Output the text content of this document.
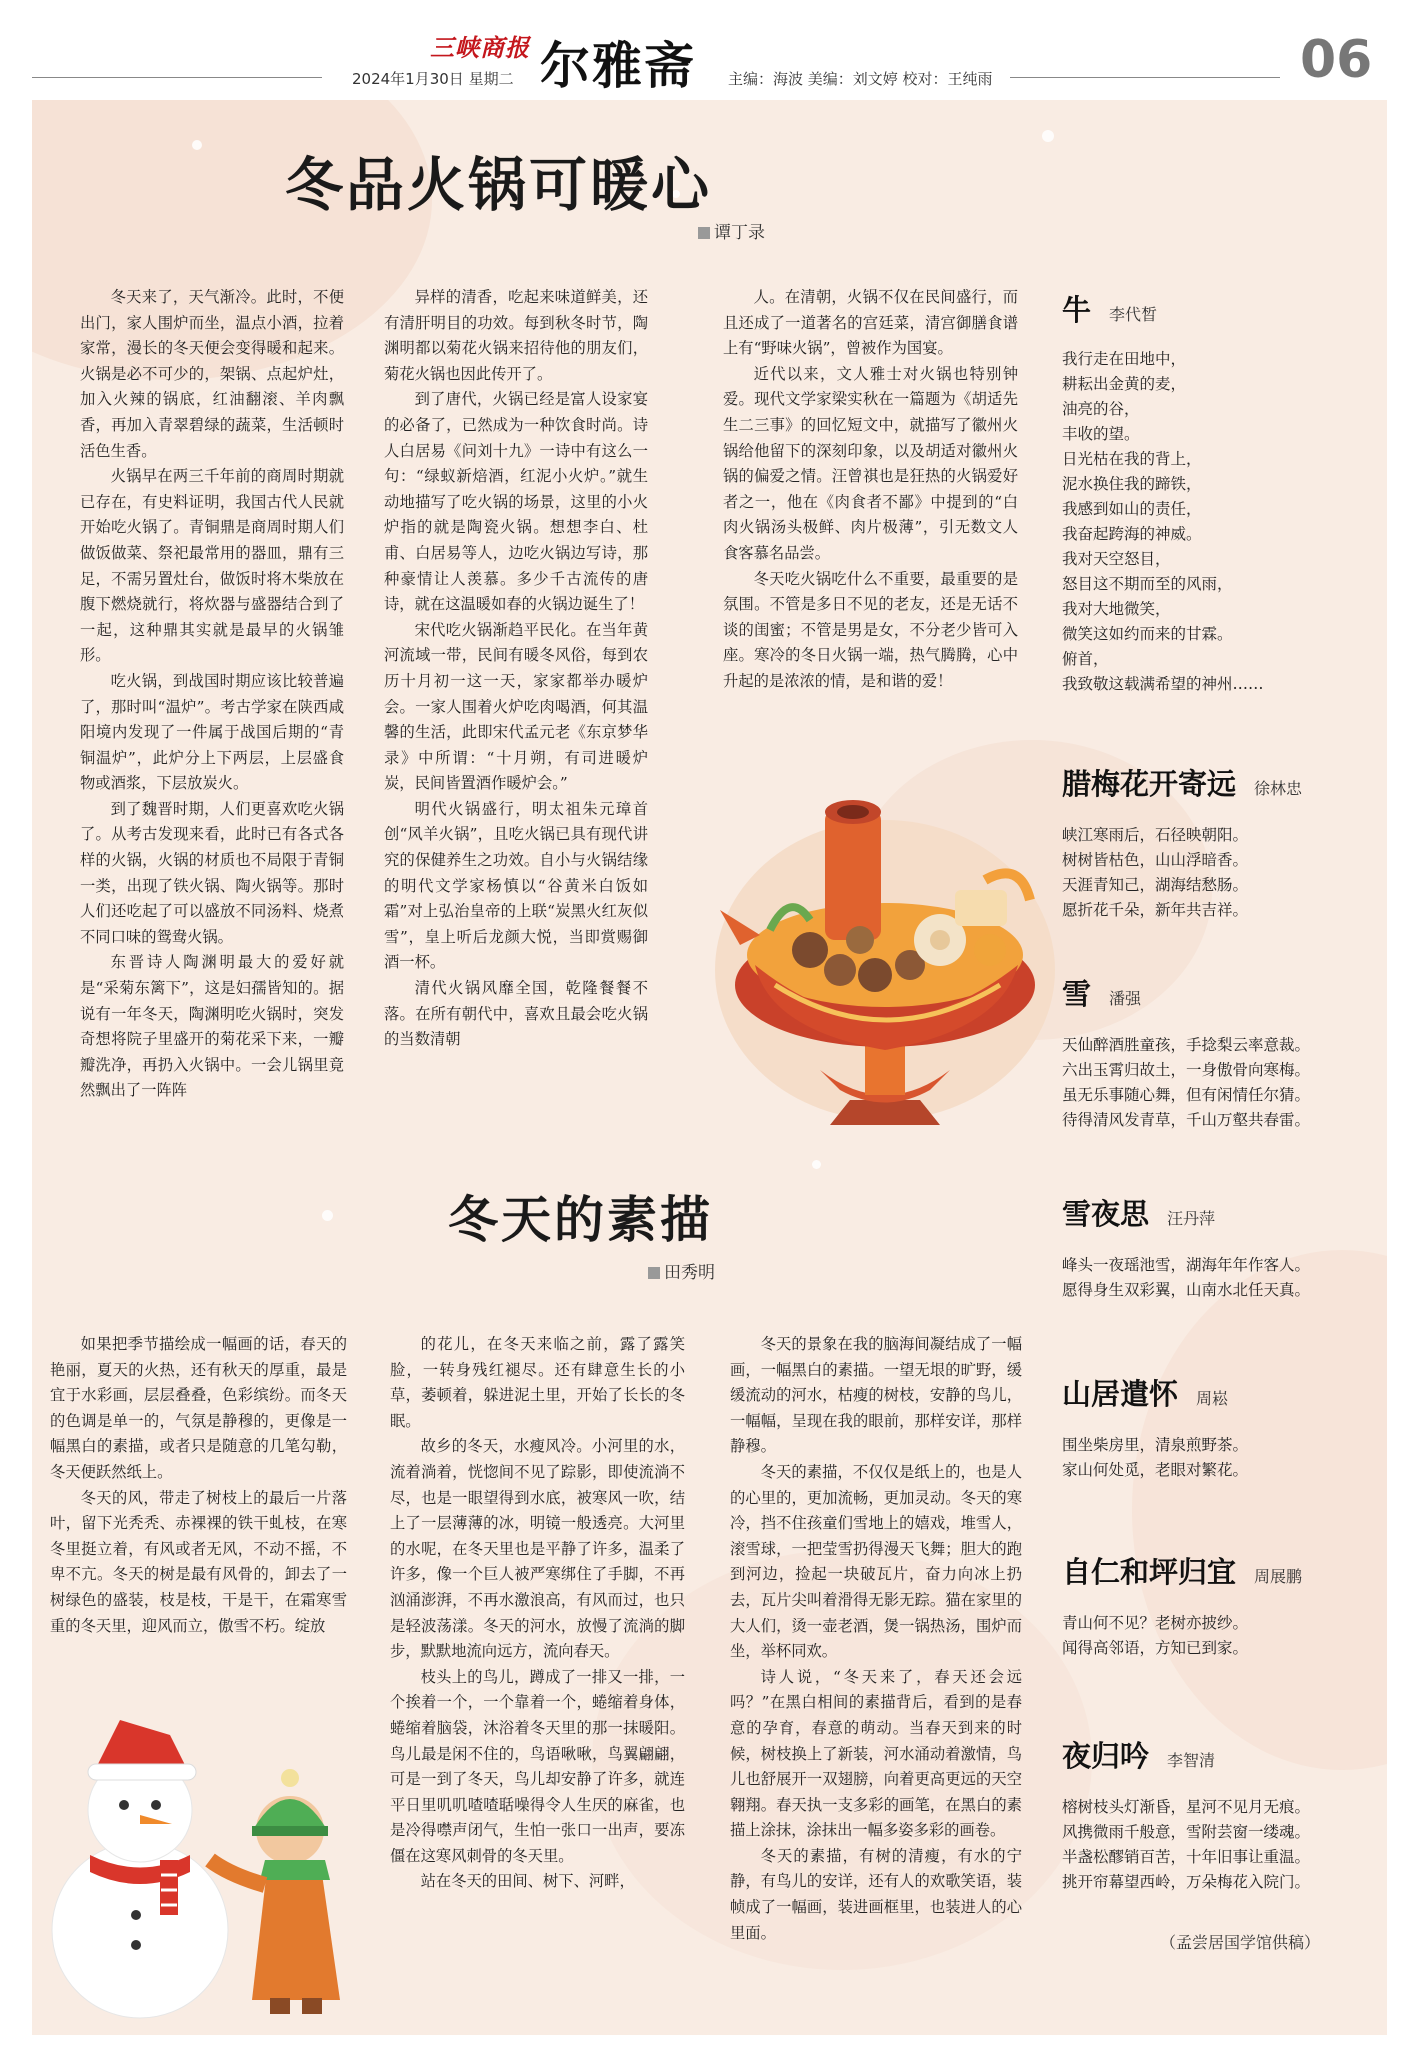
三峡商报
2024年1月30日 星期二 尔雅斋 主编：海波 美编：刘文婷 校对：王纯雨	06
冬品火锅可暖心
谭丁录

冬天来了，天气渐冷。此时，不便出门，家人围炉而坐，温点小酒，拉着家常，漫长的冬天便会变得暖和起来。火锅是必不可少的，架锅、点起炉灶，加入火辣的锅底，红油翻滚、羊肉飘香，再加入青翠碧绿的蔬菜，生活顿时活色生香。

火锅早在两三千年前的商周时期就已存在，有史料证明，我国古代人民就开始吃火锅了。青铜鼎是商周时期人们做饭做菜、祭祀最常用的器皿，鼎有三足，不需另置灶台，做饭时将木柴放在腹下燃烧就行，将炊器与盛器结合到了一起，这种鼎其实就是最早的火锅雏形。

吃火锅，到战国时期应该比较普遍了，那时叫“温炉”。考古学家在陕西咸阳境内发现了一件属于战国后期的“青铜温炉”，此炉分上下两层，上层盛食物或酒浆，下层放炭火。

到了魏晋时期，人们更喜欢吃火锅了。从考古发现来看，此时已有各式各样的火锅，火锅的材质也不局限于青铜一类，出现了铁火锅、陶火锅等。那时人们还吃起了可以盛放不同汤料、烧煮不同口味的鸳鸯火锅。

东晋诗人陶渊明最大的爱好就是“采菊东篱下”，这是妇孺皆知的。据说有一年冬天，陶渊明吃火锅时，突发奇想将院子里盛开的菊花采下来，一瓣瓣洗净，再扔入火锅中。一会儿锅里竟然飘出了一阵阵

异样的清香，吃起来味道鲜美，还有清肝明目的功效。每到秋冬时节，陶渊明都以菊花火锅来招待他的朋友们，菊花火锅也因此传开了。

到了唐代，火锅已经是富人设家宴的必备了，已然成为一种饮食时尚。诗人白居易《问刘十九》一诗中有这么一句：“绿蚁新焙酒，红泥小火炉。”就生动地描写了吃火锅的场景，这里的小火炉指的就是陶瓷火锅。想想李白、杜甫、白居易等人，边吃火锅边写诗，那种豪情让人羡慕。多少千古流传的唐诗，就在这温暖如春的火锅边诞生了！

宋代吃火锅渐趋平民化。在当年黄河流域一带，民间有暖冬风俗，每到农历十月初一这一天，家家都举办暖炉会。一家人围着火炉吃肉喝酒，何其温馨的生活，此即宋代孟元老《东京梦华录》中所谓：“十月朔，有司进暖炉炭，民间皆置酒作暖炉会。”

明代火锅盛行，明太祖朱元璋首创“风羊火锅”，且吃火锅已具有现代讲究的保健养生之功效。自小与火锅结缘的明代文学家杨慎以“谷黄米白饭如霜”对上弘治皇帝的上联“炭黑火红灰似雪”，皇上听后龙颜大悦，当即赏赐御酒一杯。

清代火锅风靡全国，乾隆餐餐不落。在所有朝代中，喜欢且最会吃火锅的当数清朝

人。在清朝，火锅不仅在民间盛行，而且还成了一道著名的宫廷菜，清宫御膳食谱上有“野味火锅”，曾被作为国宴。

近代以来，文人雅士对火锅也特别钟爱。现代文学家梁实秋在一篇题为《胡适先生二三事》的回忆短文中，就描写了徽州火锅给他留下的深刻印象，以及胡适对徽州火锅的偏爱之情。汪曾祺也是狂热的火锅爱好者之一，他在《肉食者不鄙》中提到的“白肉火锅汤头极鲜、肉片极薄”，引无数文人食客慕名品尝。

冬天吃火锅吃什么不重要，最重要的是氛围。不管是多日不见的老友，还是无话不谈的闺蜜；不管是男是女，不分老少皆可入座。寒冷的冬日火锅一端，热气腾腾，心中升起的是浓浓的情，是和谐的爱！

冬天的素描
田秀明

如果把季节描绘成一幅画的话，春天的艳丽，夏天的火热，还有秋天的厚重，最是宜于水彩画，层层叠叠，色彩缤纷。而冬天的色调是单一的，气氛是静穆的，更像是一幅黑白的素描，或者只是随意的几笔勾勒，冬天便跃然纸上。

冬天的风，带走了树枝上的最后一片落叶，留下光秃秃、赤裸裸的铁干虬枝，在寒冬里挺立着，有风或者无风，不动不摇，不卑不亢。冬天的树是最有风骨的，卸去了一树绿色的盛装，枝是枝，干是干，在霜寒雪重的冬天里，迎风而立，傲雪不朽。绽放

的花儿，在冬天来临之前，露了露笑脸，一转身残红褪尽。还有肆意生长的小草，萎顿着，躲进泥土里，开始了长长的冬眠。

故乡的冬天，水瘦风冷。小河里的水，流着淌着，恍惚间不见了踪影，即使流淌不尽，也是一眼望得到水底，被寒风一吹，结上了一层薄薄的冰，明镜一般透亮。大河里的水呢，在冬天里也是平静了许多，温柔了许多，像一个巨人被严寒绑住了手脚，不再汹涌澎湃，不再水激浪高，有风而过，也只是轻波荡漾。冬天的河水，放慢了流淌的脚步，默默地流向远方，流向春天。

枝头上的鸟儿，蹲成了一排又一排，一个挨着一个，一个靠着一个，蜷缩着身体，蜷缩着脑袋，沐浴着冬天里的那一抹暖阳。鸟儿最是闲不住的，鸟语啾啾，鸟翼翩翩，可是一到了冬天，鸟儿却安静了许多，就连平日里叽叽喳喳聒噪得令人生厌的麻雀，也是冷得噤声闭气，生怕一张口一出声，要冻僵在这寒风刺骨的冬天里。

站在冬天的田间、树下、河畔，

冬天的景象在我的脑海间凝结成了一幅画，一幅黑白的素描。一望无垠的旷野，缓缓流动的河水，枯瘦的树枝，安静的鸟儿，一幅幅，呈现在我的眼前，那样安详，那样静穆。

冬天的素描，不仅仅是纸上的，也是人的心里的，更加流畅，更加灵动。冬天的寒冷，挡不住孩童们雪地上的嬉戏，堆雪人，滚雪球，一把莹雪扔得漫天飞舞；胆大的跑到河边，捡起一块破瓦片，奋力向冰上扔去，瓦片尖叫着滑得无影无踪。猫在家里的大人们，烫一壶老酒，煲一锅热汤，围炉而坐，举杯同欢。

诗人说，“冬天来了，春天还会远吗？”在黑白相间的素描背后，看到的是春意的孕育，春意的萌动。当春天到来的时候，树枝换上了新装，河水涌动着激情，鸟儿也舒展开一双翅膀，向着更高更远的天空翱翔。春天执一支多彩的画笔，在黑白的素描上涂抹，涂抹出一幅多姿多彩的画卷。

冬天的素描，有树的清瘦，有水的宁静，有鸟儿的安详，还有人的欢歌笑语，装帧成了一幅画，装进画框里，也装进人的心里面。

牛 李代晳
我行走在田地中，
耕耘出金黄的麦，
油亮的谷，
丰收的望。
日光枯在我的背上，
泥水换住我的蹄铁，
我感到如山的责任，
我奋起跨海的神威。
我对天空怒目，
怒目这不期而至的风雨，
我对大地微笑，
微笑这如约而来的甘霖。
俯首，
我致敬这载满希望的神州……
腊梅花开寄远 徐林忠
峡江寒雨后，石径映朝阳。
树树皆枯色，山山浮暗香。
天涯青知己，湖海结愁肠。
愿折花千朵，新年共吉祥。
雪 潘强
天仙醉酒胜童孩，手捻梨云率意裁。
六出玉霄归故土，一身傲骨向寒梅。
虽无乐事随心舞，但有闲情任尔猜。
待得清风发青草，千山万壑共春雷。
雪夜思 汪丹萍
峰头一夜瑶池雪，湖海年年作客人。
愿得身生双彩翼，山南水北任天真。
山居遣怀 周崧
围坐柴房里，清泉煎野茶。
家山何处觅，老眼对繁花。
自仁和坪归宜 周展鹏
青山何不见？老树亦披纱。
闻得高邻语，方知已到家。
夜归吟 李智清
榕树枝头灯渐昏，星河不见月无痕。
风携微雨千般意，雪附芸窗一缕魂。
半盏松醪销百苦，十年旧事让重温。
挑开帘幕望西岭，万朵梅花入院门。
（孟尝居国学馆供稿）
